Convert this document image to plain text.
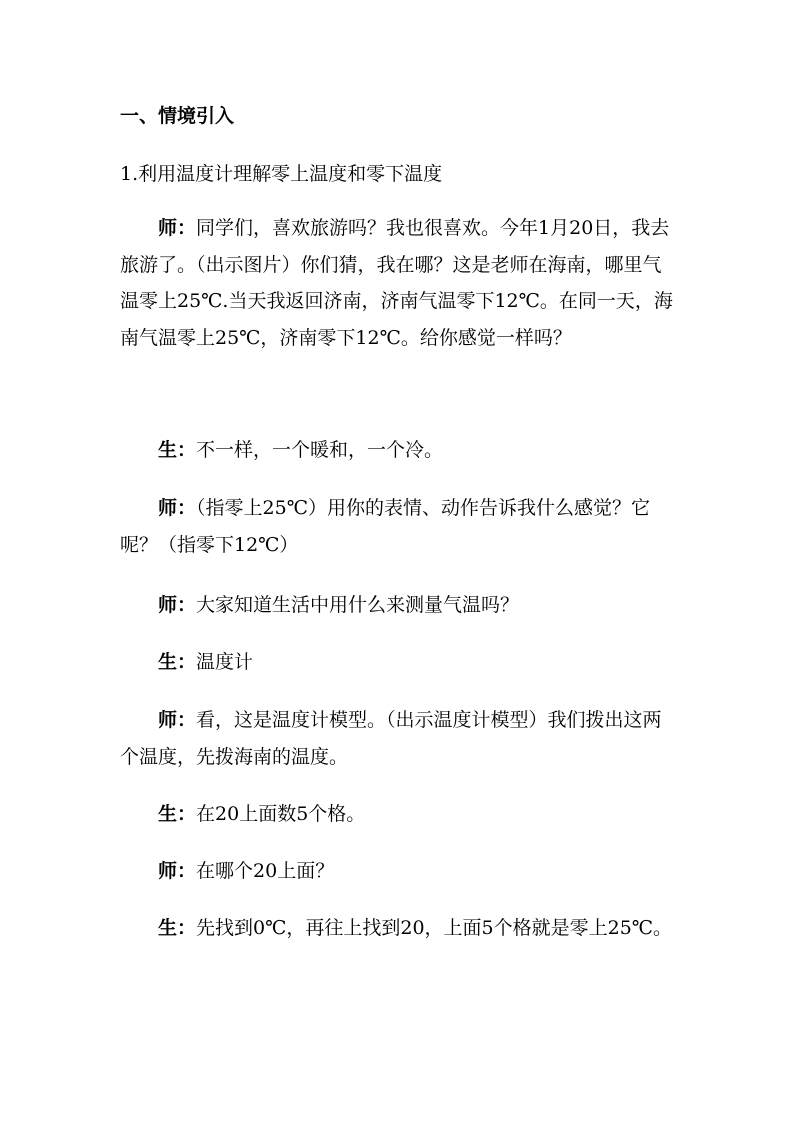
一、情境引入
1.利用温度计理解零上温度和零下温度

师：同学们，喜欢旅游吗？我也很喜欢。今年1月20日，我去旅游了。（出示图片）你们猜，我在哪？这是老师在海南，哪里气温零上25℃.当天我返回济南，济南气温零下12℃。在同一天，海南气温零上25℃，济南零下12℃。给你感觉一样吗？

生：不一样，一个暖和，一个冷。

师：（指零上25℃）用你的表情、动作告诉我什么感觉？它呢？（指零下12℃）

师：大家知道生活中用什么来测量气温吗？

生：温度计

师：看，这是温度计模型。（出示温度计模型）我们拨出这两个温度，先拨海南的温度。

生：在20上面数5个格。

师：在哪个20上面？

生：先找到0℃，再往上找到20，上面5个格就是零上25℃。
